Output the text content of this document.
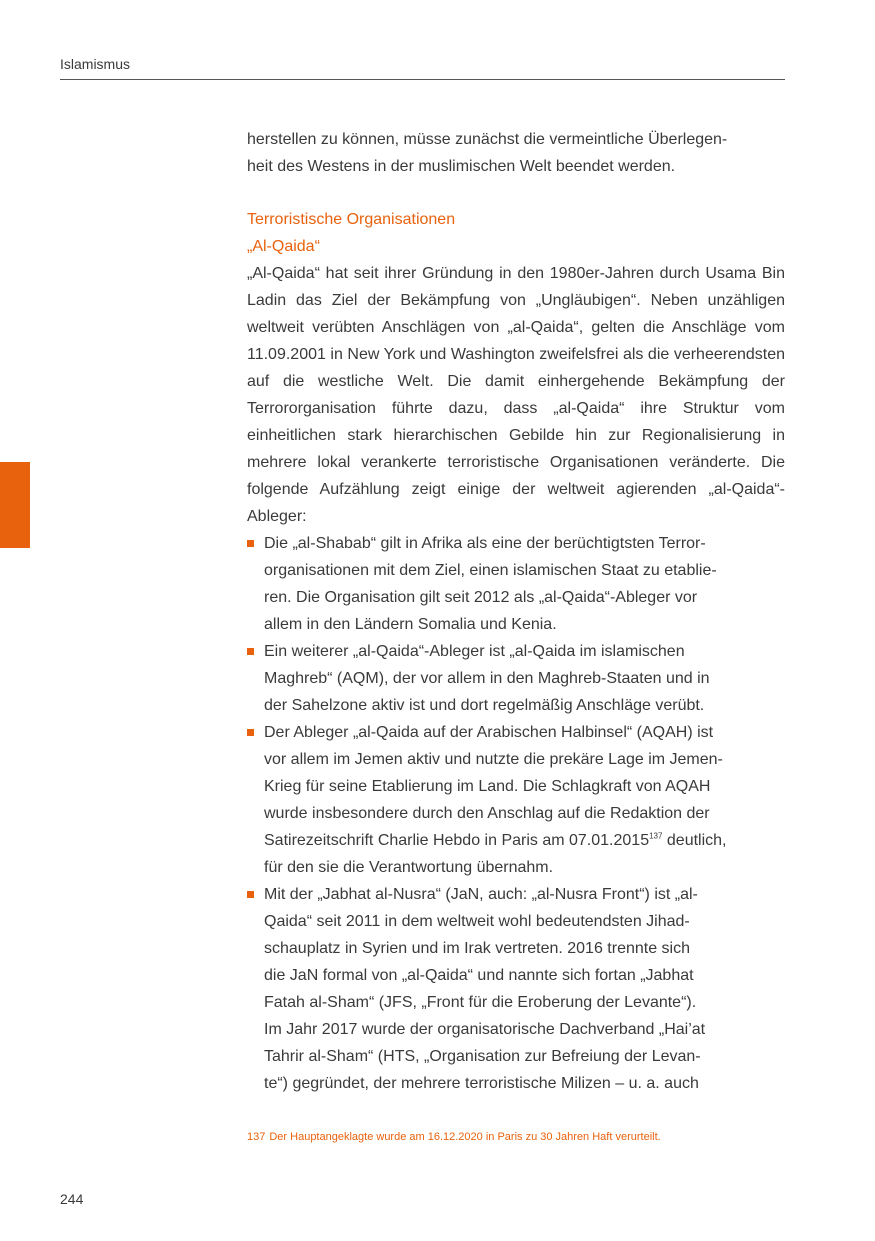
Islamismus

herstellen zu können, müsse zunächst die vermeintliche Überlegen-
heit des Westens in der muslimischen Welt beendet werden.

Terroristische Organisationen

„Al-Qaida“

„Al-Qaida“ hat seit ihrer Gründung in den 1980er-Jahren durch Usama Bin Ladin das Ziel der Bekämpfung von „Ungläubigen“. Neben unzähligen weltweit verübten Anschlägen von „al-Qaida“, gelten die Anschläge vom 11.09.2001 in New York und Washington zweifelsfrei als die verheerendsten auf die westliche Welt. Die damit einhergehende Bekämpfung der Terrororganisation führte dazu, dass „al-Qaida“ ihre Struktur vom einheitlichen stark hierarchischen Gebilde hin zur Regionalisierung in mehrere lokal verankerte terroristische Organisationen veränderte. Die folgende Aufzählung zeigt einige der weltweit agierenden „al-Qaida“-Ableger:

Die „al-Shabab“ gilt in Afrika als eine der berüchtigtsten Terror-
organisationen mit dem Ziel, einen islamischen Staat zu etablie-
ren. Die Organisation gilt seit 2012 als „al-Qaida“-Ableger vor
allem in den Ländern Somalia und Kenia.
Ein weiterer „al-Qaida“-Ableger ist „al-Qaida im islamischen
Maghreb“ (AQM), der vor allem in den Maghreb-Staaten und in
der Sahelzone aktiv ist und dort regelmäßig Anschläge verübt.
Der Ableger „al-Qaida auf der Arabischen Halbinsel“ (AQAH) ist
vor allem im Jemen aktiv und nutzte die prekäre Lage im Jemen-
Krieg für seine Etablierung im Land. Die Schlagkraft von AQAH
wurde insbesondere durch den Anschlag auf die Redaktion der
Satirezeitschrift Charlie Hebdo in Paris am 07.01.2015$^{137}$ deutlich,
für den sie die Verantwortung übernahm.
Mit der „Jabhat al-Nusra“ (JaN, auch: „al-Nusra Front“) ist „al-
Qaida“ seit 2011 in dem weltweit wohl bedeutendsten Jihad-
schauplatz in Syrien und im Irak vertreten. 2016 trennte sich
die JaN formal von „al-Qaida“ und nannte sich fortan „Jabhat
Fatah al-Sham“ (JFS, „Front für die Eroberung der Levante“).
Im Jahr 2017 wurde der organisatorische Dachverband „Hai’at
Tahrir al-Sham“ (HTS, „Organisation zur Befreiung der Levan-
te“) gegründet, der mehrere terroristische Milizen – u. a. auch
137 Der Hauptangeklagte wurde am 16.12.2020 in Paris zu 30 Jahren Haft verurteilt.
244
